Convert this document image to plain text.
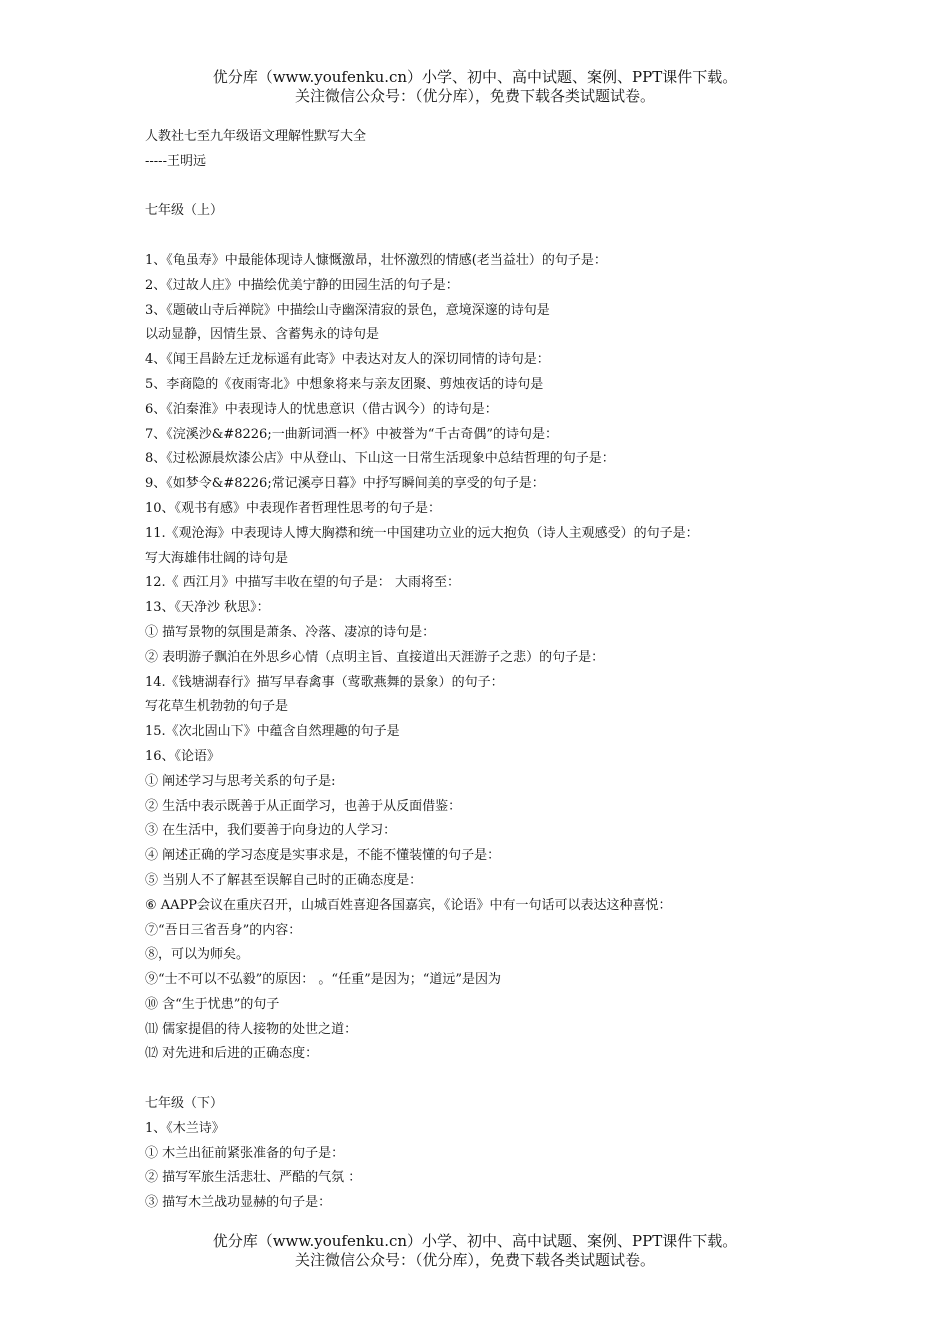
优分库（www.youfenku.cn）小学、初中、高中试题、案例、PPT课件下载。
关注微信公众号：（优分库），免费下载各类试题试卷。
人教社七至九年级语文理解性默写大全
-----王明远
七年级（上）
1、《龟虽寿》中最能体现诗人慷慨激昂，壮怀激烈的情感(老当益壮）的句子是：
2、《过故人庄》中描绘优美宁静的田园生活的句子是：
3、《题破山寺后禅院》中描绘山寺幽深清寂的景色，意境深邃的诗句是
以动显静，因情生景、含蓄隽永的诗句是
4、《闻王昌龄左迁龙标遥有此寄》中表达对友人的深切同情的诗句是：
5、李商隐的《夜雨寄北》中想象将来与亲友团聚、剪烛夜话的诗句是
6、《泊秦淮》中表现诗人的忧患意识（借古讽今）的诗句是：
7、《浣溪沙&#8226;一曲新词酒一杯》中被誉为“千古奇偶”的诗句是：
8、《过松源晨炊漆公店》中从登山、下山这一日常生活现象中总结哲理的句子是：
9、《如梦令&#8226;常记溪亭日暮》中抒写瞬间美的享受的句子是：
10、《观书有感》中表现作者哲理性思考的句子是：
11.《观沧海》中表现诗人博大胸襟和统一中国建功立业的远大抱负（诗人主观感受）的句子是：
写大海雄伟壮阔的诗句是
12.《 西江月》中描写丰收在望的句子是： 大雨将至：
13、《天净沙 秋思》：
① 描写景物的氛围是萧条、冷落、凄凉的诗句是：
② 表明游子飘泊在外思乡心情（点明主旨、直接道出天涯游子之悲）的句子是：
14.《钱塘湖春行》描写早春禽事（莺歌燕舞的景象）的句子：
写花草生机勃勃的句子是
15.《次北固山下》中蕴含自然理趣的句子是
16、《论语》
① 阐述学习与思考关系的句子是:
② 生活中表示既善于从正面学习，也善于从反面借鉴：
③ 在生活中，我们要善于向身边的人学习：
④ 阐述正确的学习态度是实事求是，不能不懂装懂的句子是：
⑤ 当别人不了解甚至误解自己时的正确态度是：
⑥ AAPP会议在重庆召开，山城百姓喜迎各国嘉宾，《论语》中有一句话可以表达这种喜悦：
⑦“吾日三省吾身”的内容：
⑧，可以为师矣。
⑨“士不可以不弘毅”的原因： 。“任重”是因为；“道远”是因为
⑩ 含“生于忧患”的句子
⑾ 儒家提倡的待人接物的处世之道：
⑿ 对先进和后进的正确态度：
七年级（下）
1、《木兰诗》
① 木兰出征前紧张准备的句子是：
② 描写军旅生活悲壮、严酷的气氛 ：
③ 描写木兰战功显赫的句子是：
优分库（www.youfenku.cn）小学、初中、高中试题、案例、PPT课件下载。
关注微信公众号：（优分库），免费下载各类试题试卷。
